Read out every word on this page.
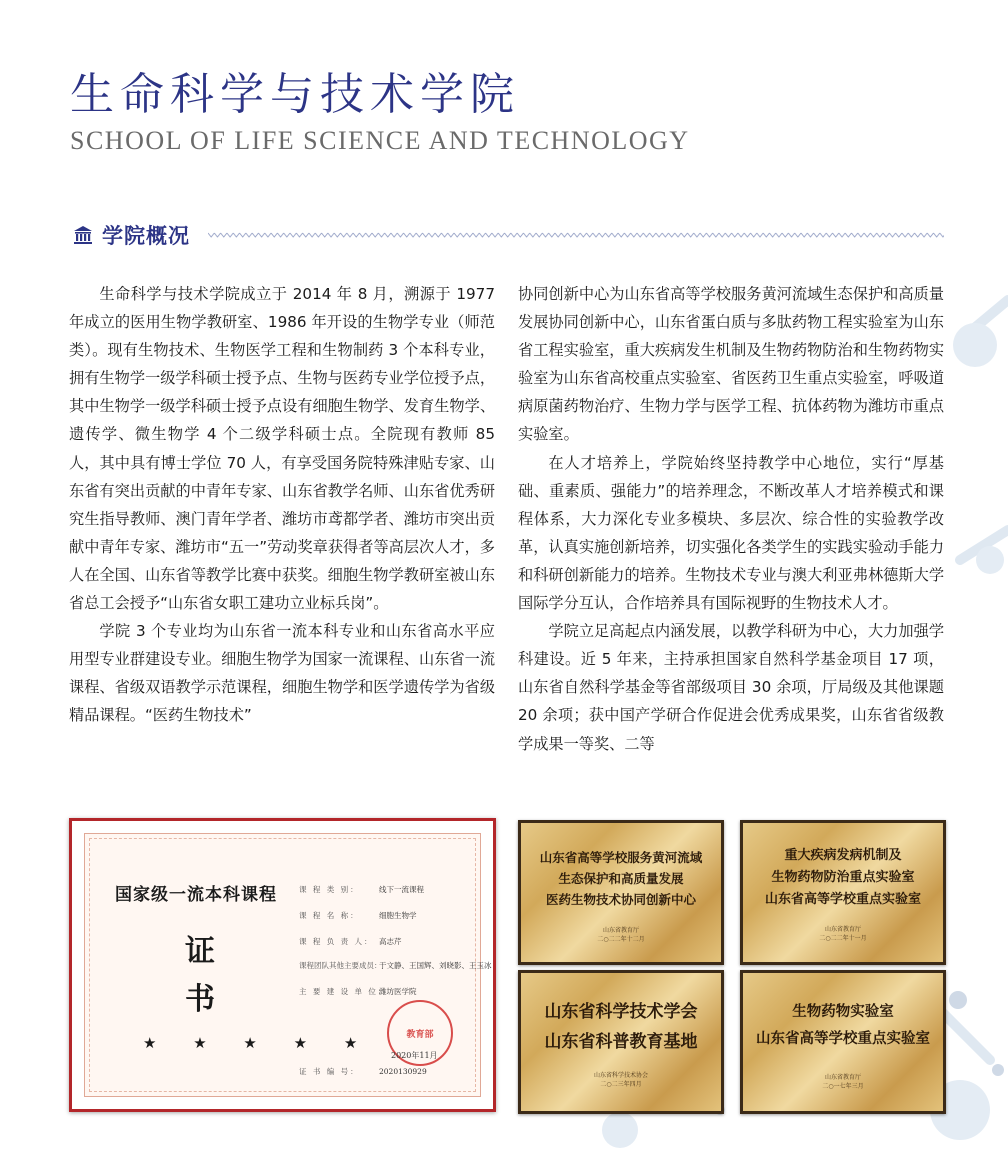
生命科学与技术学院
SCHOOL OF LIFE SCIENCE AND TECHNOLOGY
学院概况

生命科学与技术学院成立于 2014 年 8 月，溯源于 1977 年成立的医用生物学教研室、1986 年开设的生物学专业（师范类）。现有生物技术、生物医学工程和生物制药 3 个本科专业，拥有生物学一级学科硕士授予点、生物与医药专业学位授予点，其中生物学一级学科硕士授予点设有细胞生物学、发育生物学、遗传学、微生物学 4 个二级学科硕士点。全院现有教师 85 人，其中具有博士学位 70 人，有享受国务院特殊津贴专家、山东省有突出贡献的中青年专家、山东省教学名师、山东省优秀研究生指导教师、澳门青年学者、潍坊市鸢都学者、潍坊市突出贡献中青年专家、潍坊市“五一”劳动奖章获得者等高层次人才，多人在全国、山东省等教学比赛中获奖。细胞生物学教研室被山东省总工会授予“山东省女职工建功立业标兵岗”。

学院 3 个专业均为山东省一流本科专业和山东省高水平应用型专业群建设专业。细胞生物学为国家一流课程、山东省一流课程、省级双语教学示范课程，细胞生物学和医学遗传学为省级精品课程。“医药生物技术”

协同创新中心为山东省高等学校服务黄河流域生态保护和高质量发展协同创新中心，山东省蛋白质与多肽药物工程实验室为山东省工程实验室，重大疾病发生机制及生物药物防治和生物药物实验室为山东省高校重点实验室、省医药卫生重点实验室，呼吸道病原菌药物治疗、生物力学与医学工程、抗体药物为潍坊市重点实验室。

在人才培养上，学院始终坚持教学中心地位，实行“厚基础、重素质、强能力”的培养理念，不断改革人才培养模式和课程体系，大力深化专业多模块、多层次、综合性的实验教学改革，认真实施创新培养，切实强化各类学生的实践实验动手能力和科研创新能力的培养。生物技术专业与澳大利亚弗林德斯大学国际学分互认，合作培养具有国际视野的生物技术人才。

学院立足高起点内涵发展，以教学科研为中心，大力加强学科建设。近 5 年来，主持承担国家自然科学基金项目 17 项，山东省自然科学基金等省部级项目 30 余项，厅局级及其他课题 20 余项；获中国产学研合作促进会优秀成果奖，山东省省级教学成果一等奖、二等

国家级一流本科课程
证
书
★ ★ ★ ★ ★
课 程 类 别：	线下一流课程
课 程 名 称：	细胞生物学
课 程 负 责 人： 高志芹
课程团队其他主要成员：于文静、王国辉、刘晓影、王玉冰
主 要 建 设 单 位：潍坊医学院
证 书 编 号：	2020130929
教育部
2020年11月
山东省高等学校服务黄河流域
生态保护和高质量发展
医药生物技术协同创新中心
山东省教育厅
二○二二年十二月
重大疾病发病机制及
生物药物防治重点实验室
山东省高等学校重点实验室
山东省教育厅
二○二二年十一月
山东省科学技术学会
山东省科普教育基地
山东省科学技术协会
二○二三年四月
生物药物实验室
山东省高等学校重点实验室
山东省教育厅
二○一七年三月
